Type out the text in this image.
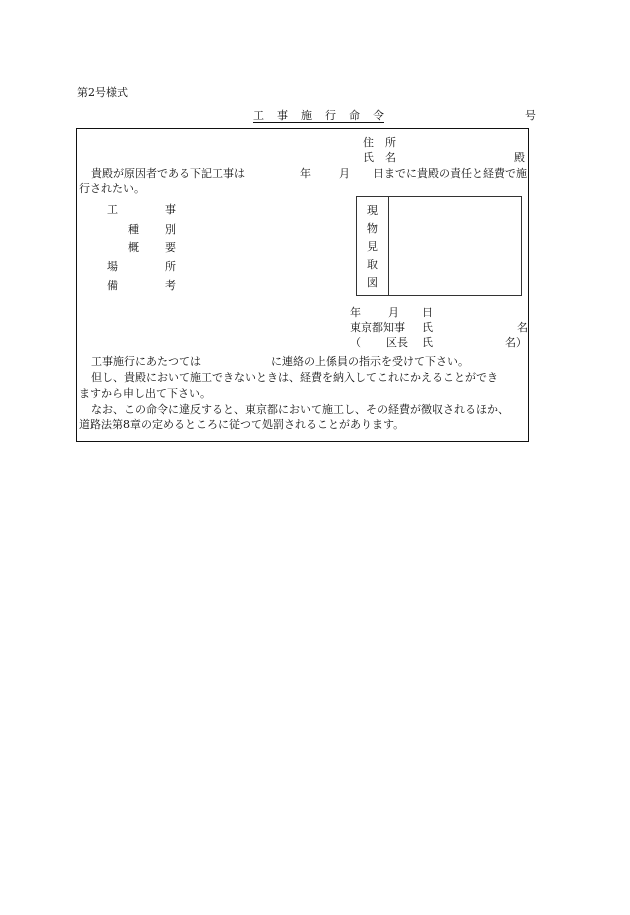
第2号様式
工 事 施 行 命 令	号
住　所
氏　名	殿
貴殿が原因者である下記工事は	年	月 日までに貴殿の責任と経費で施
行されたい。
工	事
種 別
概 要
場	所
備	考
現
物
見
取
図
年 月 日
東京都知事 氏	名
（ 区長 氏	名）
工事施行にあたつては	に連絡の上係員の指示を受けて下さい。
但し、貴殿において施工できないときは、経費を納入してこれにかえることができ
ますから申し出て下さい。
なお、この命令に違反すると、東京都において施工し、その経費が徴収されるほか、
道路法第8章の定めるところに従つて処罰されることがあります。
